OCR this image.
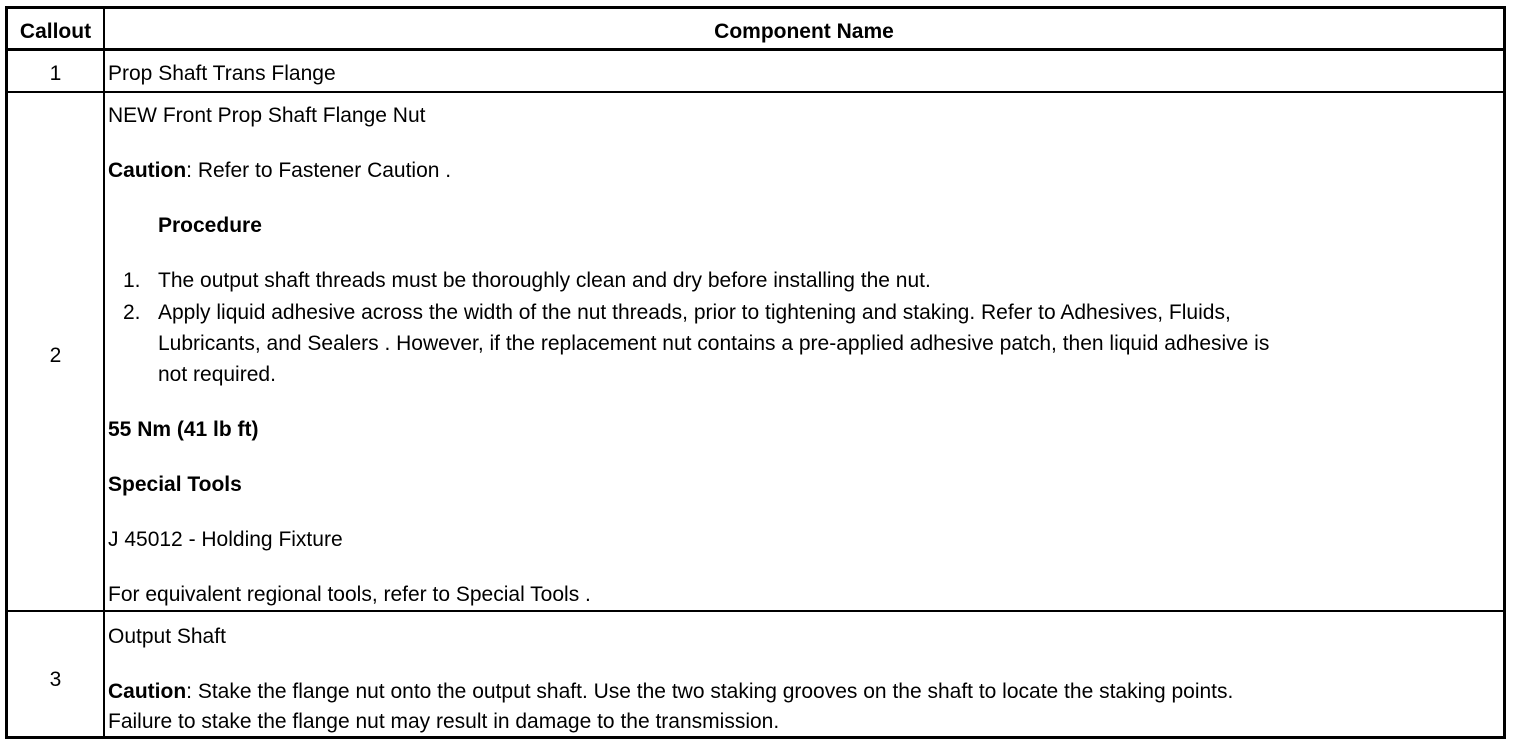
Callout	Component Name
1	Prop Shaft Trans Flange
2
NEW Front Prop Shaft Flange Nut
Caution: Refer to Fastener Caution .
Procedure
1. The output shaft threads must be thoroughly clean and dry before installing the nut.
2. Apply liquid adhesive across the width of the nut threads, prior to tightening and staking. Refer to Adhesives, Fluids,
Lubricants, and Sealers . However, if the replacement nut contains a pre-applied adhesive patch, then liquid adhesive is
not required.
55 Nm (41 lb ft)
Special Tools
J 45012 - Holding Fixture
For equivalent regional tools, refer to Special Tools .
3
Output Shaft
Caution: Stake the flange nut onto the output shaft. Use the two staking grooves on the shaft to locate the staking points.
Failure to stake the flange nut may result in damage to the transmission.
